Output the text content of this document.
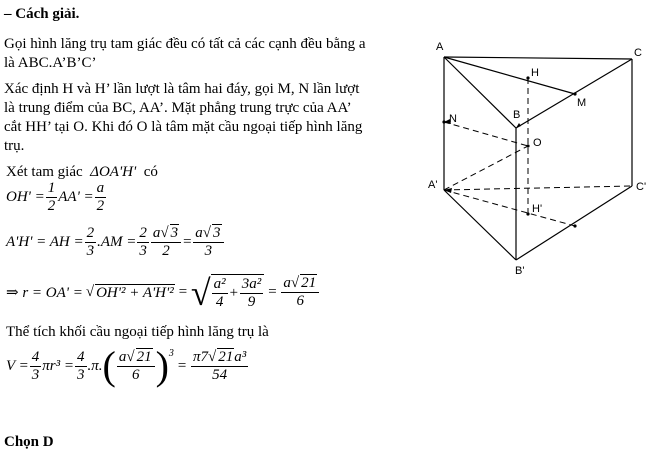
– Cách giải.
Gọi hình lăng trụ tam giác đều có tất cả các cạnh đều bằng a
là ABC.A’B’C’
Xác định H và H’ lần lượt là tâm hai đáy, gọi M, N lần lượt
là trung điểm của BC, AA’. Mặt phẳng trung trực của AA’
cắt HH’ tại O. Khi đó O là tâm mặt cầu ngoại tiếp hình lăng
trụ.
Xét tam giác ΔOA'H' có
$OH' = \frac{1}{2} AA' = \frac{a}{2}$
A'H' = AH = $\frac{2}{3} .AM = \frac{2}{3} \frac{a√ 3}{2} = \frac{a√ 3}{3}$
⇒ r = OA' = √ OH'² + A'H'² = √ $\frac{\text{a²}}{4} + \frac{\text{3a²}}{9} = \frac{a√ 21}{6}$
Thể tích khối cầu ngoại tiếp hình lăng trụ là
$V = \frac{4}{3} \pi r^3 = \frac{4}{3} .\pi$. ( $\frac{a√ 21}{6}$ ) 3
= $\frac{\text{π7√ 21a³}}{54}$
Chọn D
A	C
H
M
B
N
O
A'	C'
H'
B'
